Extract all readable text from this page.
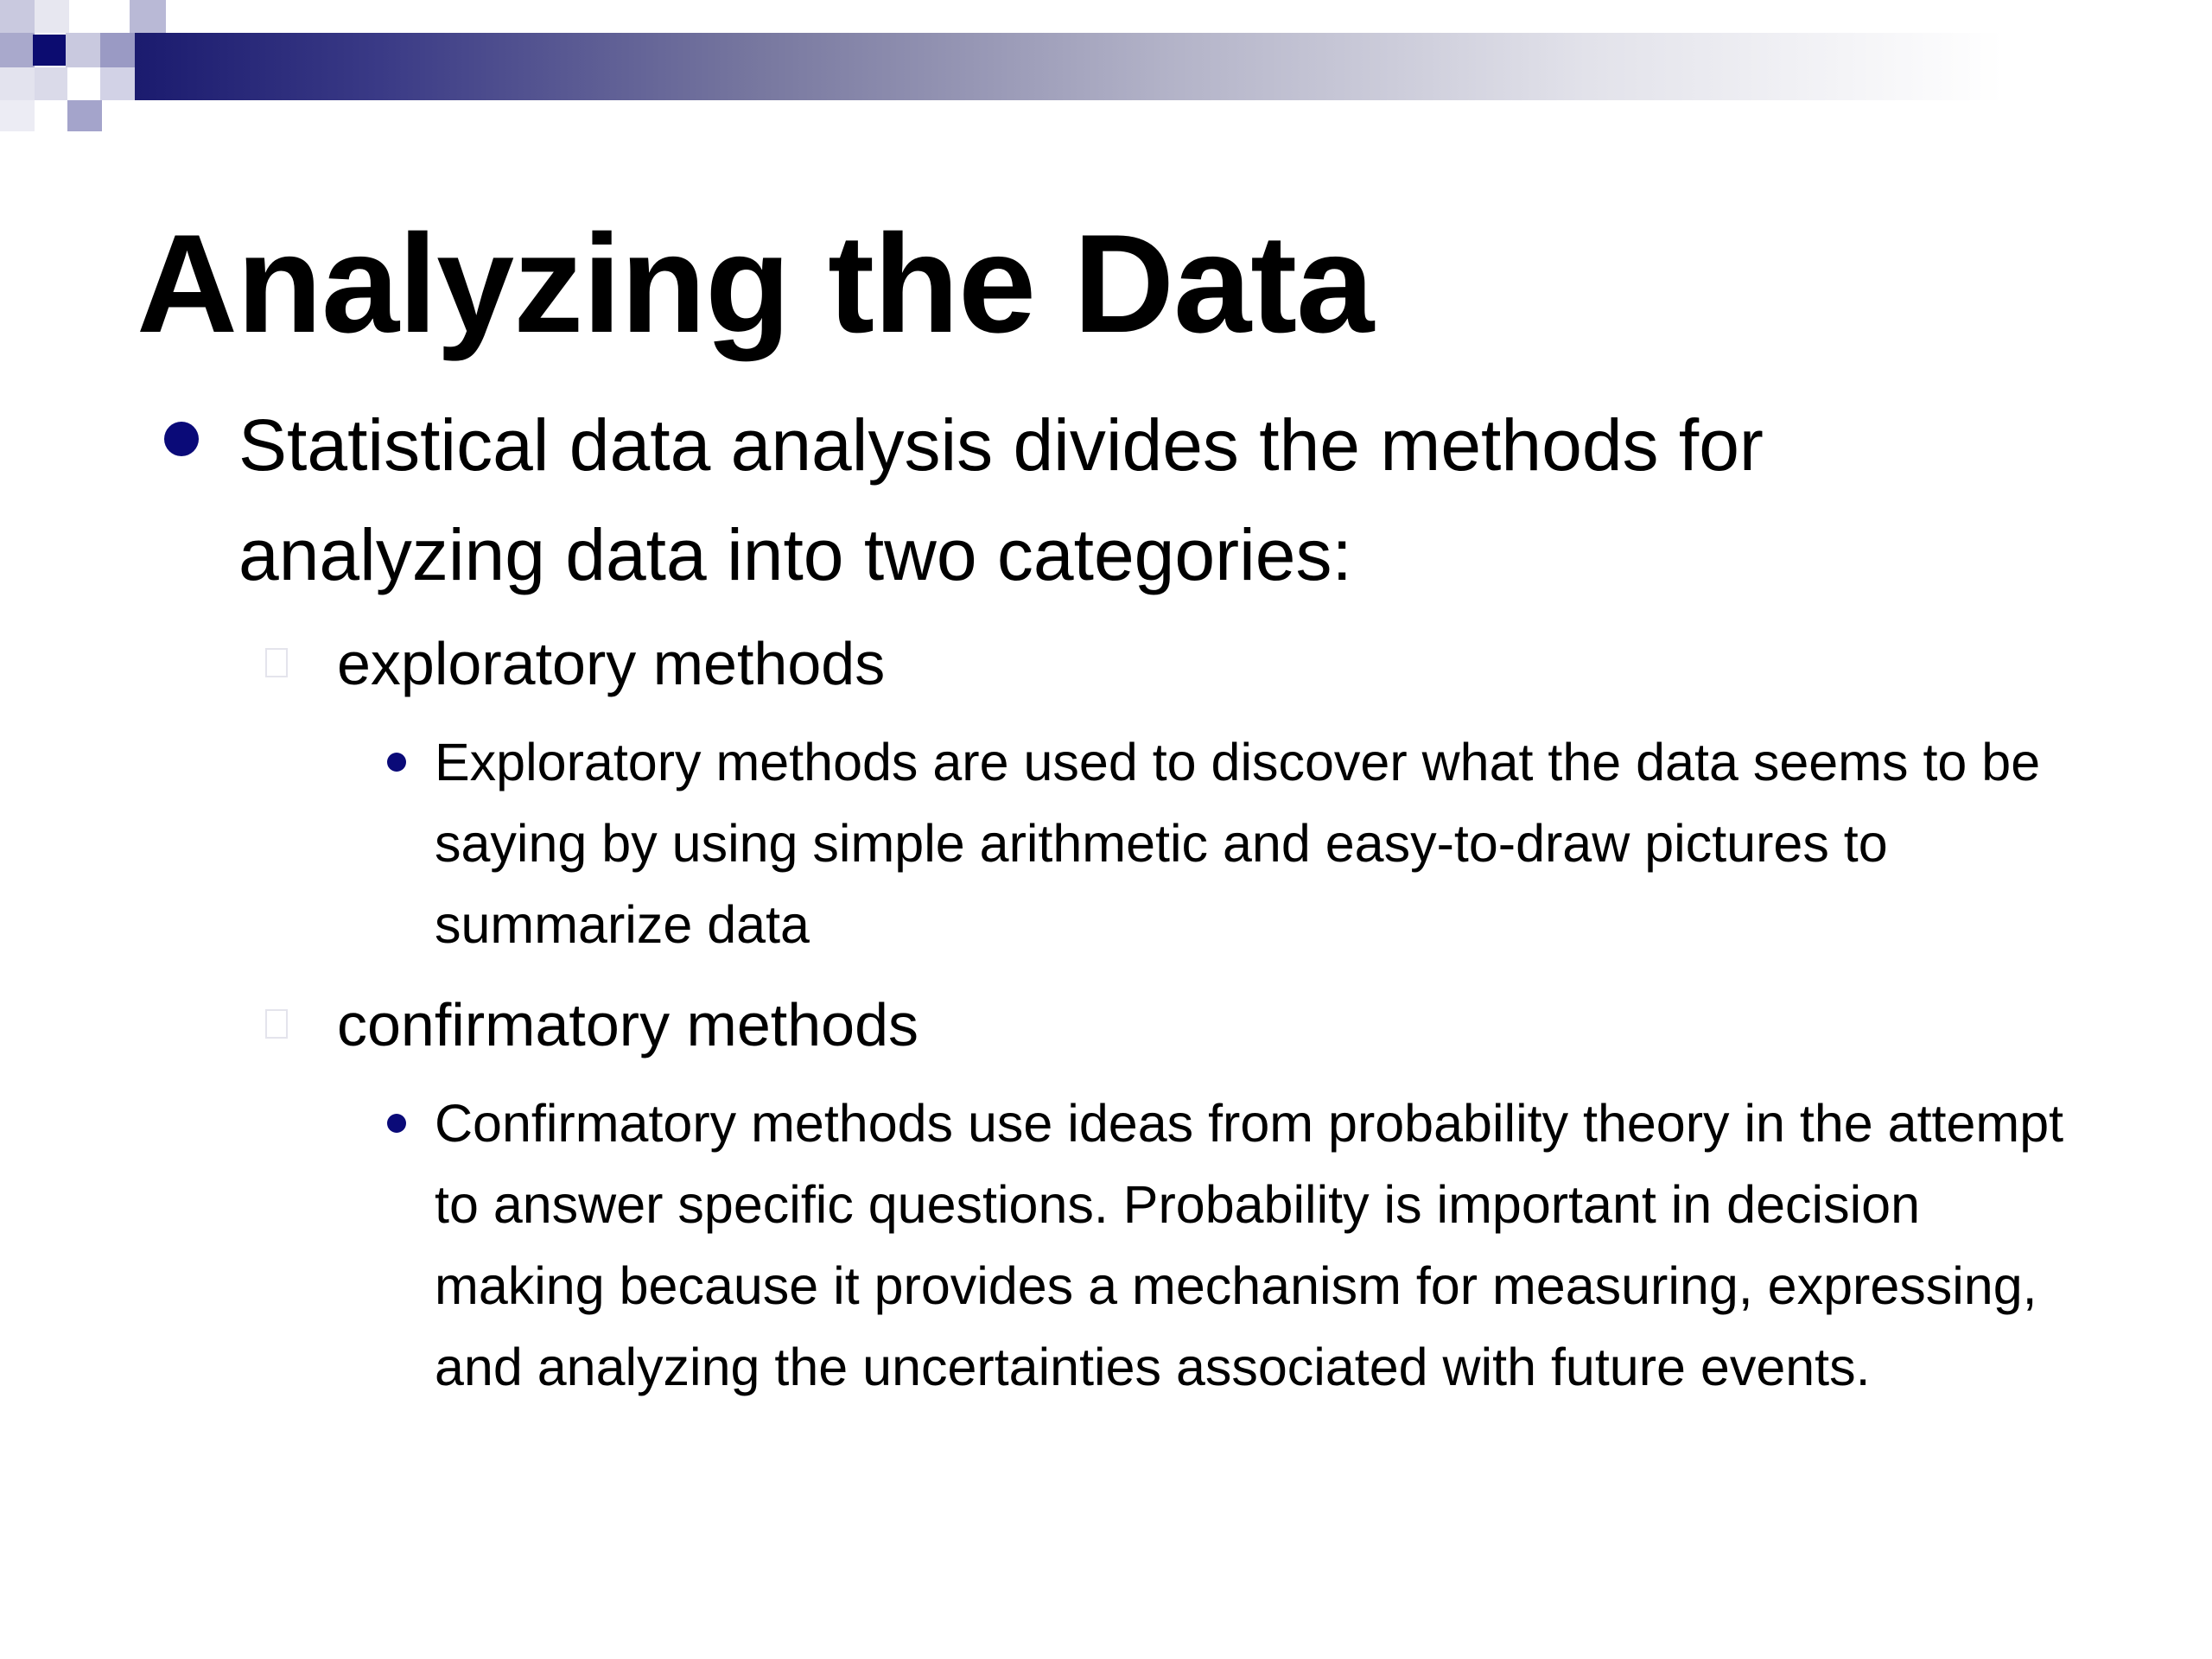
Analyzing the Data

Statistical data analysis divides the methods for analyzing data into two categories:

exploratory methods

Exploratory methods are used to discover what the data seems to be saying by using simple arithmetic and easy-to-draw pictures to summarize data

confirmatory methods

Confirmatory methods use ideas from probability theory in the attempt to answer specific questions. Probability is important in decision making because it provides a mechanism for measuring, expressing, and analyzing the uncertainties associated with future events.
